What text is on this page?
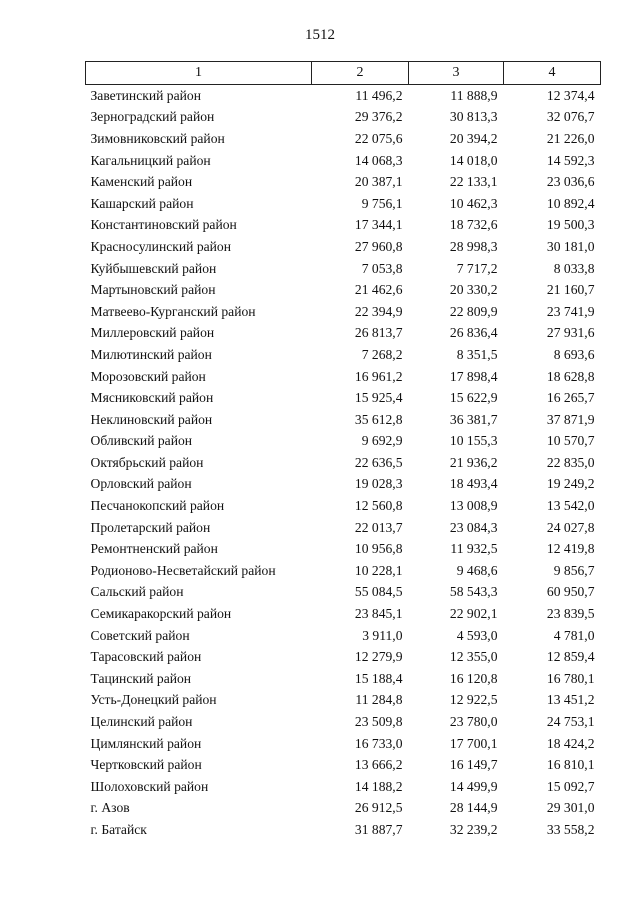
1512
1	2	3	4
Заветинский район	11 496,2	11 888,9	12 374,4
Зерноградский район	29 376,2	30 813,3	32 076,7
Зимовниковский район	22 075,6	20 394,2	21 226,0
Кагальницкий район	14 068,3	14 018,0	14 592,3
Каменский район	20 387,1	22 133,1	23 036,6
Кашарский район	9 756,1	10 462,3	10 892,4
Константиновский район	17 344,1	18 732,6	19 500,3
Красносулинский район	27 960,8	28 998,3	30 181,0
Куйбышевский район	7 053,8	7 717,2	8 033,8
Мартыновский район	21 462,6	20 330,2	21 160,7
Матвеево-Курганский район	22 394,9	22 809,9	23 741,9
Миллеровский район	26 813,7	26 836,4	27 931,6
Милютинский район	7 268,2	8 351,5	8 693,6
Морозовский район	16 961,2	17 898,4	18 628,8
Мясниковский район	15 925,4	15 622,9	16 265,7
Неклиновский район	35 612,8	36 381,7	37 871,9
Обливский район	9 692,9	10 155,3	10 570,7
Октябрьский район	22 636,5	21 936,2	22 835,0
Орловский район	19 028,3	18 493,4	19 249,2
Песчанокопский район	12 560,8	13 008,9	13 542,0
Пролетарский район	22 013,7	23 084,3	24 027,8
Ремонтненский район	10 956,8	11 932,5	12 419,8
Родионово-Несветайский район	10 228,1	9 468,6	9 856,7
Сальский район	55 084,5	58 543,3	60 950,7
Семикаракорский район	23 845,1	22 902,1	23 839,5
Советский район	3 911,0	4 593,0	4 781,0
Тарасовский район	12 279,9	12 355,0	12 859,4
Тацинский район	15 188,4	16 120,8	16 780,1
Усть-Донецкий район	11 284,8	12 922,5	13 451,2
Целинский район	23 509,8	23 780,0	24 753,1
Цимлянский район	16 733,0	17 700,1	18 424,2
Чертковский район	13 666,2	16 149,7	16 810,1
Шолоховский район	14 188,2	14 499,9	15 092,7
г. Азов	26 912,5	28 144,9	29 301,0
г. Батайск	31 887,7	32 239,2	33 558,2
